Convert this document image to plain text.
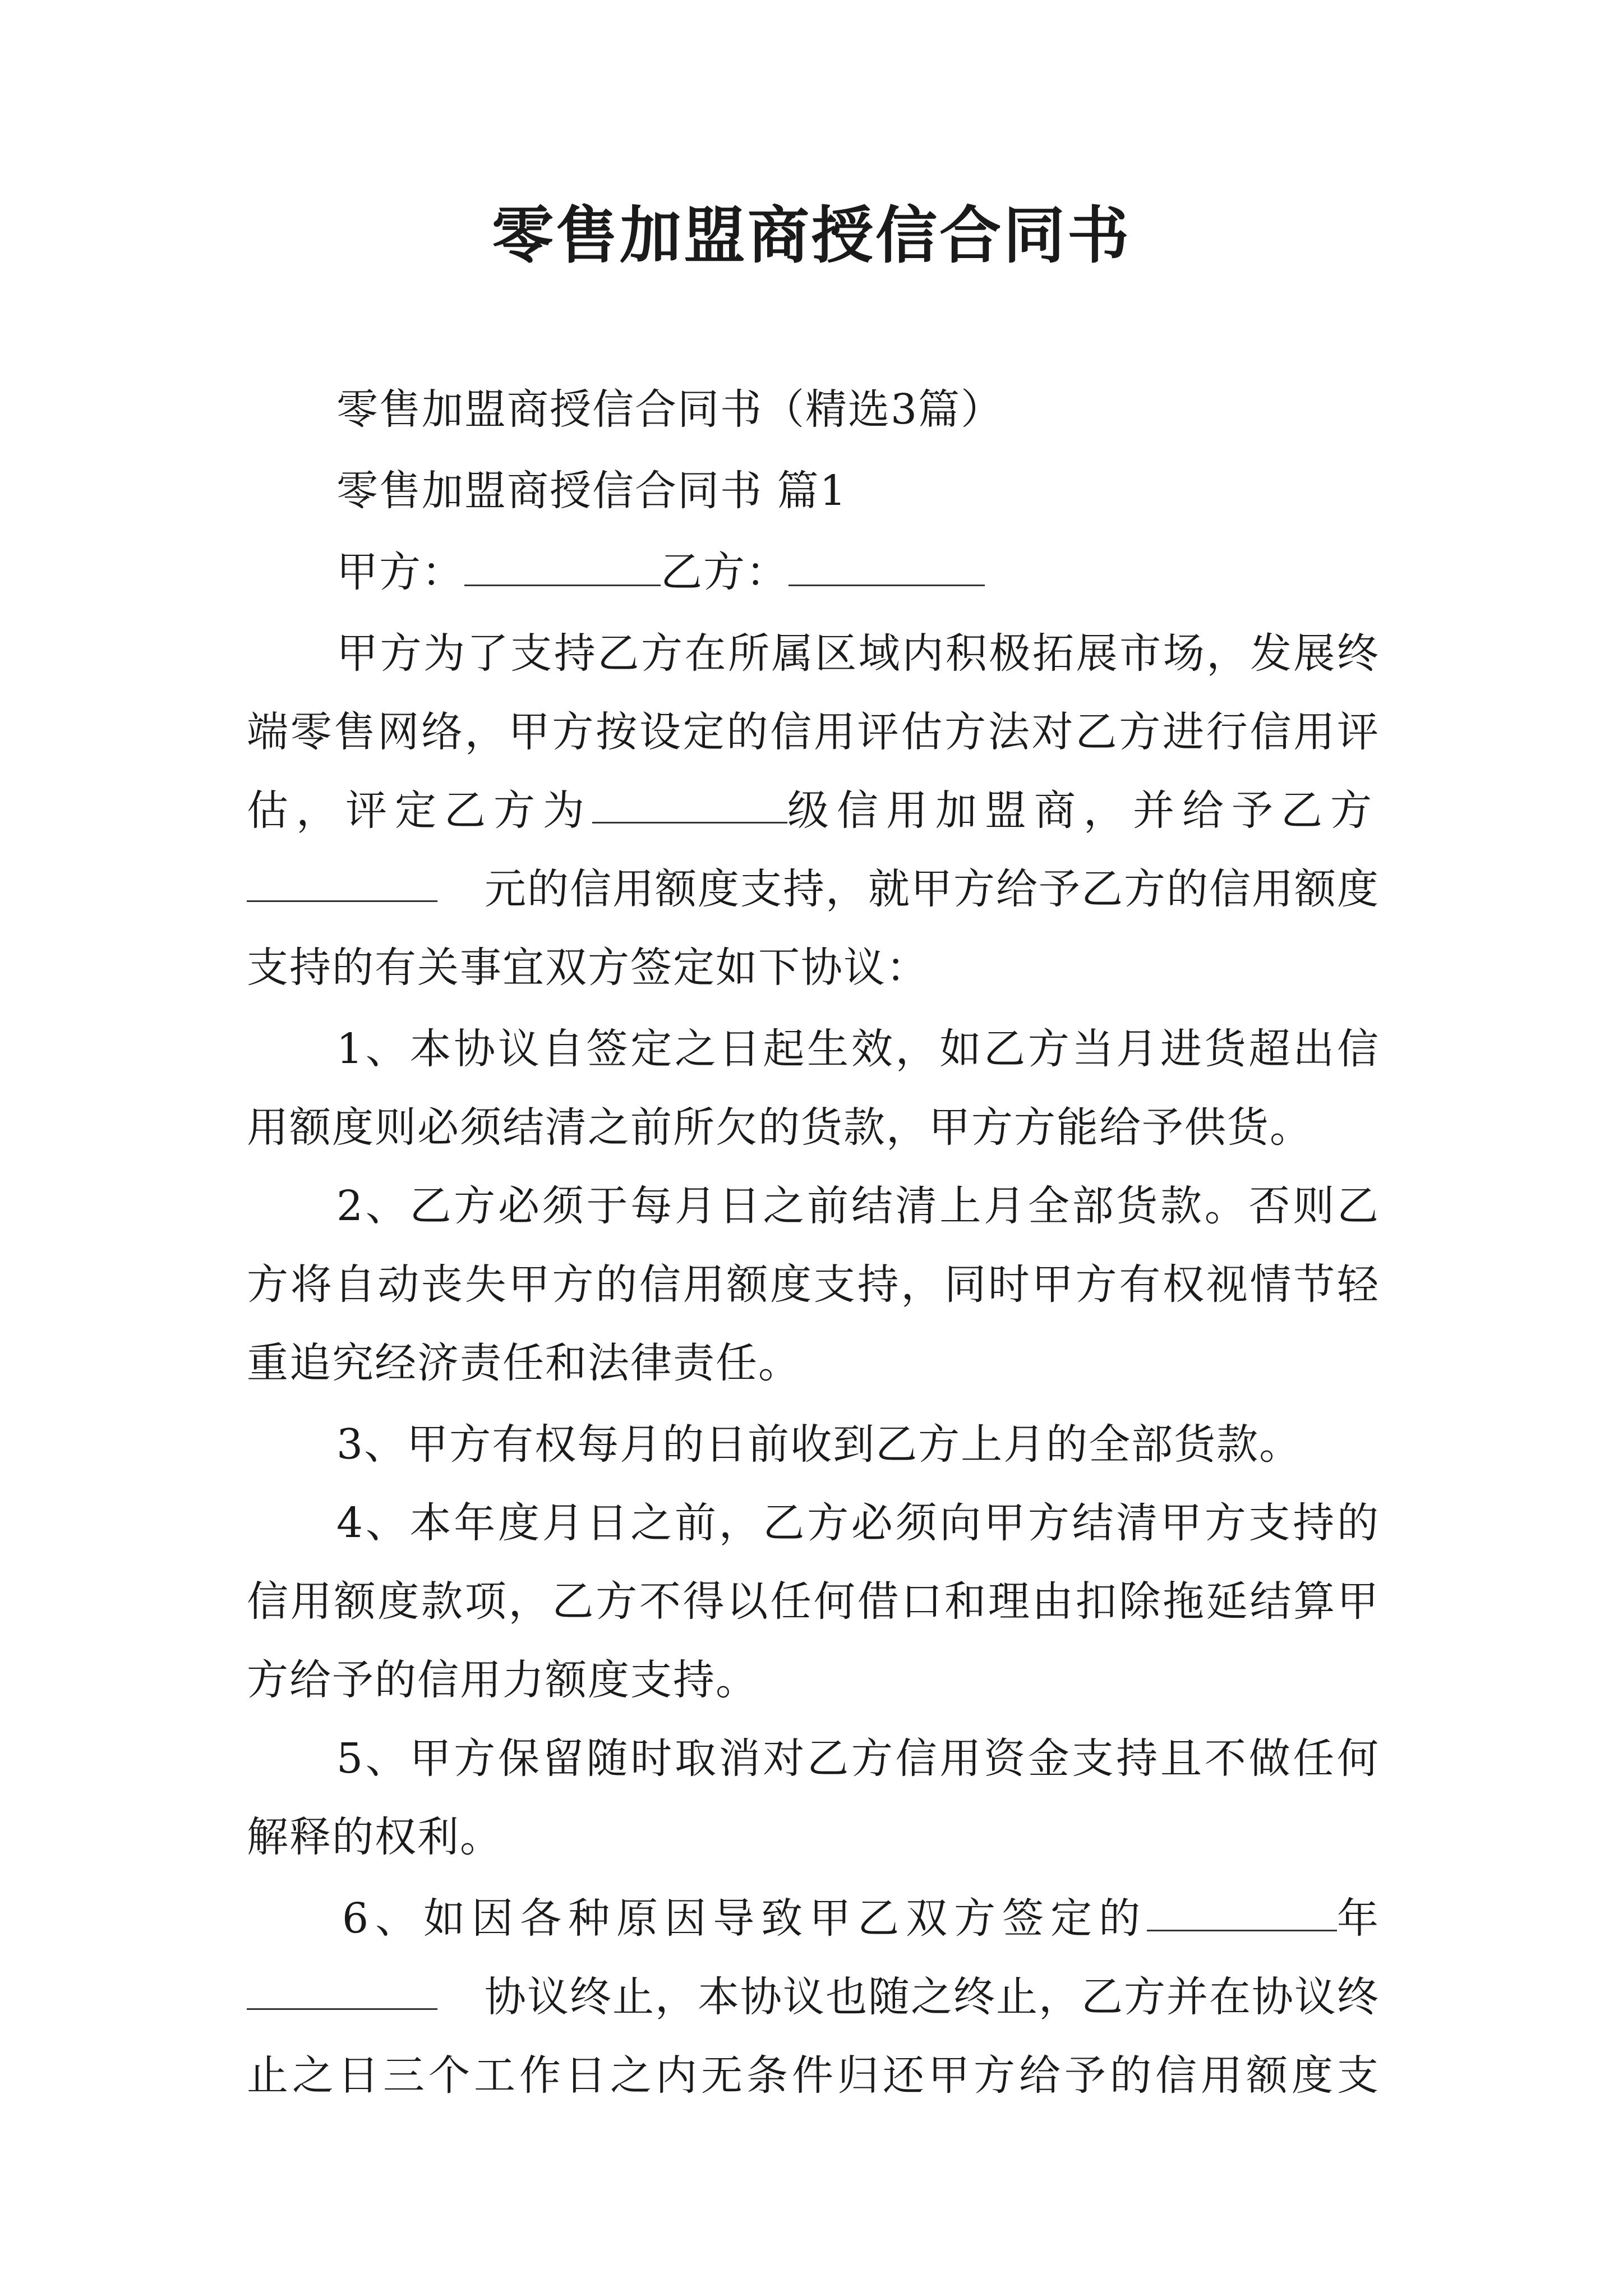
零售加盟商授信合同书
零售加盟商授信合同书（精选3篇）
零售加盟商授信合同书 篇1
甲方：	乙方：
甲方为了支持乙方在所属区域内积极拓展市场，发展终
端零售网络，甲方按设定的信用评估方法对乙方进行信用评
估，评定乙方为	级信用加盟商，并给予乙方
元的信用额度支持，就甲方给予乙方的信用额度
支持的有关事宜双方签定如下协议：
1、本协议自签定之日起生效，如乙方当月进货超出信
用额度则必须结清之前所欠的货款，甲方方能给予供货。
2、乙方必须于每月日之前结清上月全部货款。否则乙
方将自动丧失甲方的信用额度支持，同时甲方有权视情节轻
重追究经济责任和法律责任。
3、甲方有权每月的日前收到乙方上月的全部货款。
4、本年度月日之前，乙方必须向甲方结清甲方支持的
信用额度款项，乙方不得以任何借口和理由扣除拖延结算甲
方给予的信用力额度支持。
5、甲方保留随时取消对乙方信用资金支持且不做任何
解释的权利。
6、如因各种原因导致甲乙双方签定的	年
协议终止，本协议也随之终止，乙方并在协议终
止之日三个工作日之内无条件归还甲方给予的信用额度支
